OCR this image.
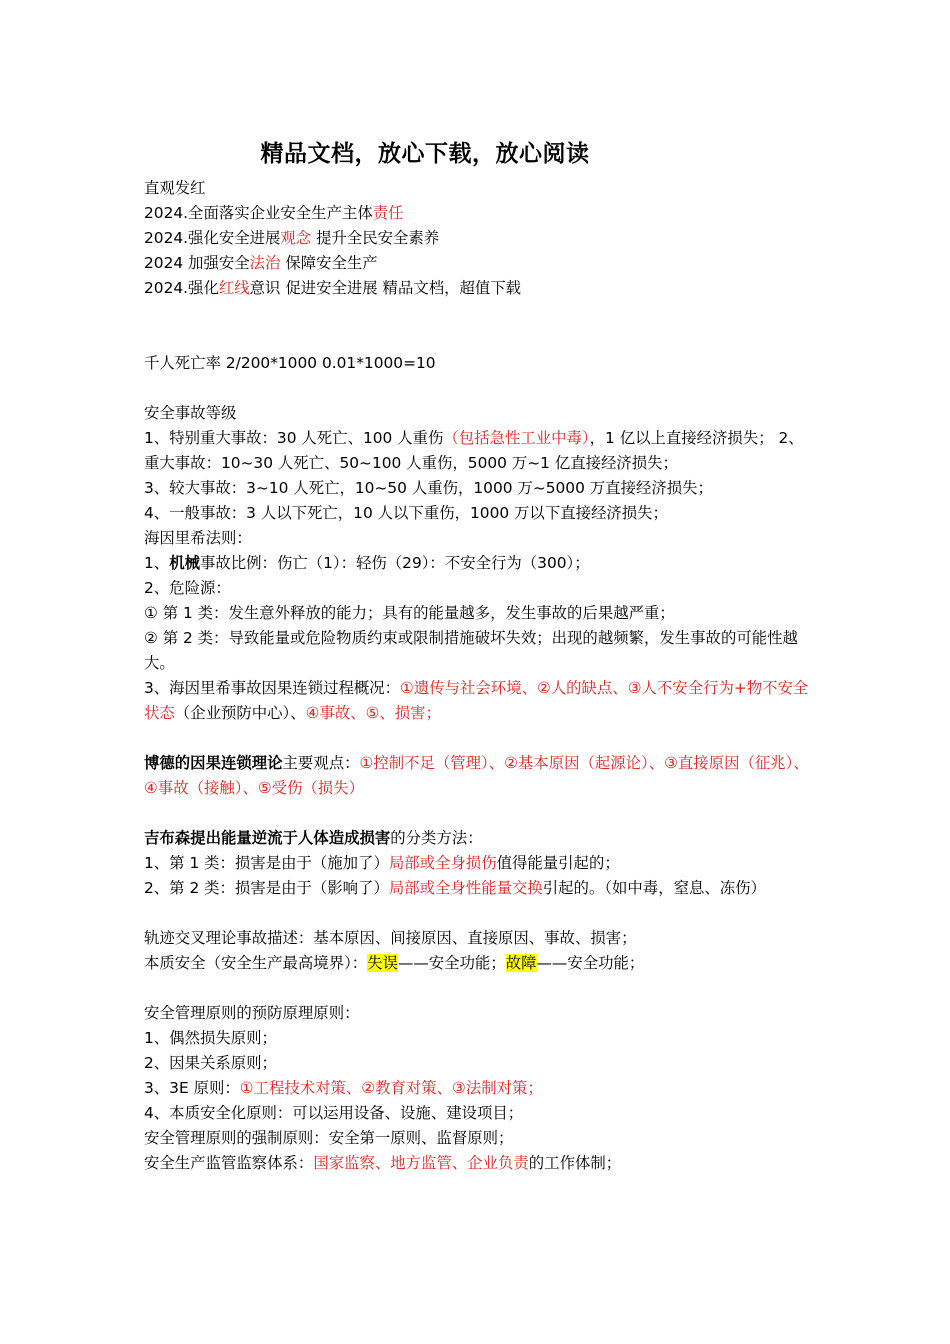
精品文档，放心下载，放心阅读
直观发红
2024.全面落实企业安全生产主体责任
2024.强化安全进展观念 提升全民安全素养
2024 加强安全法治 保障安全生产
2024.强化红线意识 促进安全进展 精品文档，超值下载
千人死亡率 2/200*1000 0.01*1000=10
安全事故等级
1、特别重大事故：30 人死亡、100 人重伤（包括急性工业中毒），1 亿以上直接经济损失； 2、重大事故：10~30 人死亡、50~100 人重伤，5000 万~1 亿直接经济损失；
3、较大事故：3~10 人死亡，10~50 人重伤，1000 万~5000 万直接经济损失；
4、一般事故：3 人以下死亡，10 人以下重伤，1000 万以下直接经济损失；
海因里希法则：
1、机械事故比例：伤亡（1）：轻伤（29）：不安全行为（300）；
2、危险源：
① 第 1 类：发生意外释放的能力；具有的能量越多，发生事故的后果越严重；
② 第 2 类：导致能量或危险物质约束或限制措施破坏失效；出现的越频繁，发生事故的可能性越大。
3、海因里希事故因果连锁过程概况：①遗传与社会环境、②人的缺点、③人不安全行为+物不安全状态（企业预防中心）、④事故、⑤、损害；
博德的因果连锁理论主要观点：①控制不足（管理）、②基本原因（起源论）、③直接原因（征兆）、④事故（接触）、⑤受伤（损失）
吉布森提出能量逆流于人体造成损害的分类方法：
1、第 1 类：损害是由于（施加了）局部或全身损伤值得能量引起的；
2、第 2 类：损害是由于（影响了）局部或全身性能量交换引起的。（如中毒，窒息、冻伤）
轨迹交叉理论事故描述：基本原因、间接原因、直接原因、事故、损害；
本质安全（安全生产最高境界）：失误——安全功能；故障——安全功能；
安全管理原则的预防原理原则：
1、偶然损失原则；
2、因果关系原则；
3、3E 原则：①工程技术对策、②教育对策、③法制对策；
4、本质安全化原则：可以运用设备、设施、建设项目；
安全管理原则的强制原则：安全第一原则、监督原则；
安全生产监管监察体系：国家监察、地方监管、企业负责的工作体制；
